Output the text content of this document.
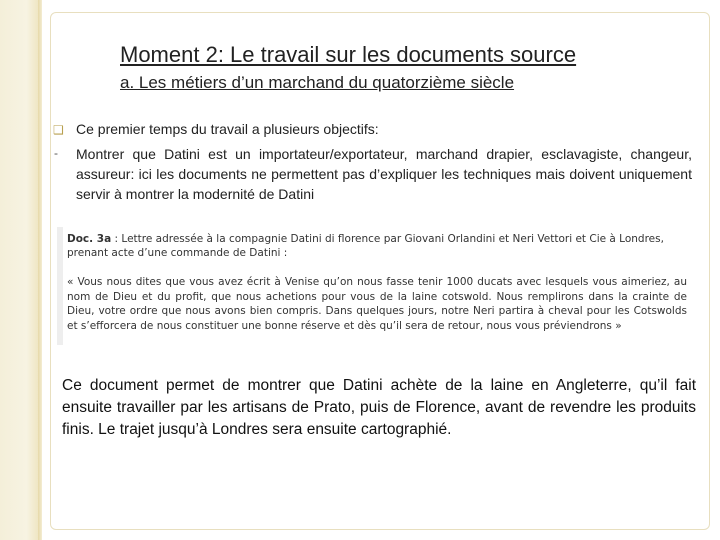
Moment 2: Le travail sur les documents source
a. Les métiers d’un marchand du quatorzième siècle
❑ Ce premier temps du travail a plusieurs objectifs:
- Montrer que Datini est un importateur/exportateur, marchand drapier, esclavagiste, changeur, assureur: ici les documents ne permettent pas d’expliquer les techniques mais doivent uniquement servir à montrer la modernité de Datini
Doc. 3a : Lettre adressée à la compagnie Datini di florence par Giovani Orlandini et Neri Vettori et Cie à Londres, prenant acte d’une commande de Datini :
« Vous nous dites que vous avez écrit à Venise qu’on nous fasse tenir 1000 ducats avec lesquels vous aimeriez, au nom de Dieu et du profit, que nous achetions pour vous de la laine cotswold. Nous remplirons dans la crainte de Dieu, votre ordre que nous avons bien compris. Dans quelques jours, notre Neri partira à cheval pour les Cotswolds et s’efforcera de nous constituer une bonne réserve et dès qu’il sera de retour, nous vous préviendrons »
Ce document permet de montrer que Datini achète de la laine en Angleterre, qu’il fait ensuite travailler par les artisans de Prato, puis de Florence, avant de revendre les produits finis. Le trajet jusqu’à Londres sera ensuite cartographié.
